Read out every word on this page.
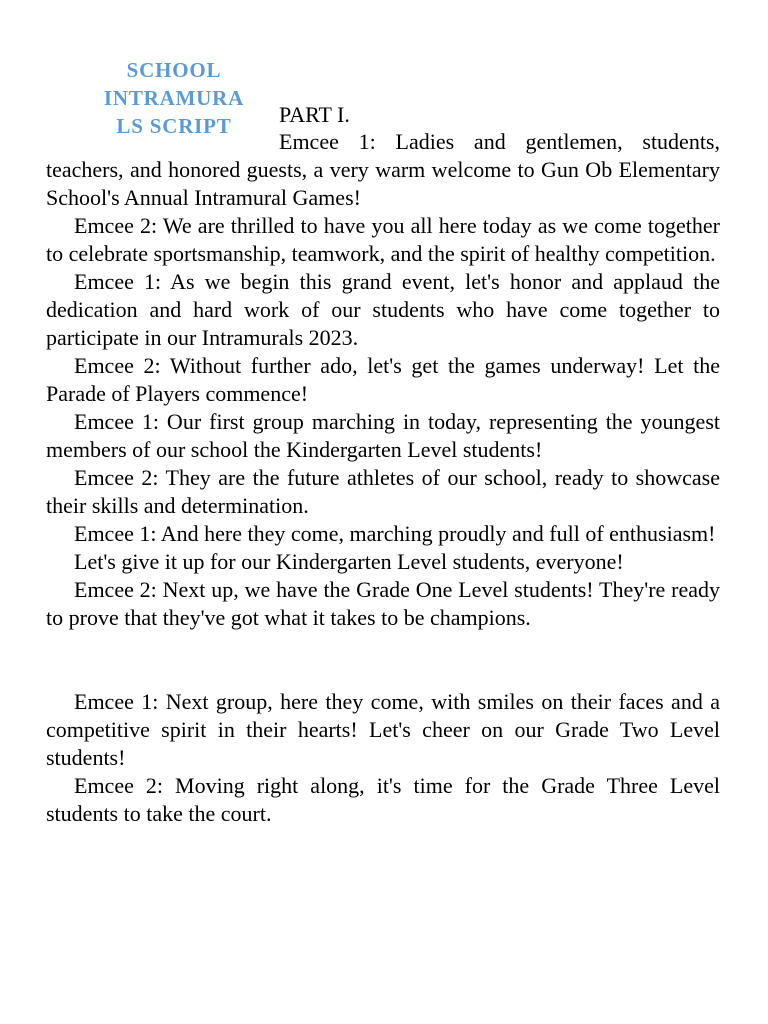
SCHOOL
INTRAMURA
LS SCRIPT	PART I.

Emcee 1: Ladies and gentlemen, students, teachers, and honored guests, a very warm welcome to Gun Ob Elementary School's Annual Intramural Games!

Emcee 2: We are thrilled to have you all here today as we come together to celebrate sportsmanship, teamwork, and the spirit of healthy competition.

Emcee 1: As we begin this grand event, let's honor and applaud the dedication and hard work of our students who have come together to participate in our Intramurals 2023.

Emcee 2: Without further ado, let's get the games underway! Let the Parade of Players commence!

Emcee 1: Our first group marching in today, representing the youngest members of our school the Kindergarten Level students!

Emcee 2: They are the future athletes of our school, ready to showcase their skills and determination.

Emcee 1: And here they come, marching proudly and full of enthusiasm!

Let's give it up for our Kindergarten Level students, everyone!

Emcee 2: Next up, we have the Grade One Level students! They're ready to prove that they've got what it takes to be champions.

Emcee 1: Next group, here they come, with smiles on their faces and a competitive spirit in their hearts! Let's cheer on our Grade Two Level students!

Emcee 2: Moving right along, it's time for the Grade Three Level students to take the court.
